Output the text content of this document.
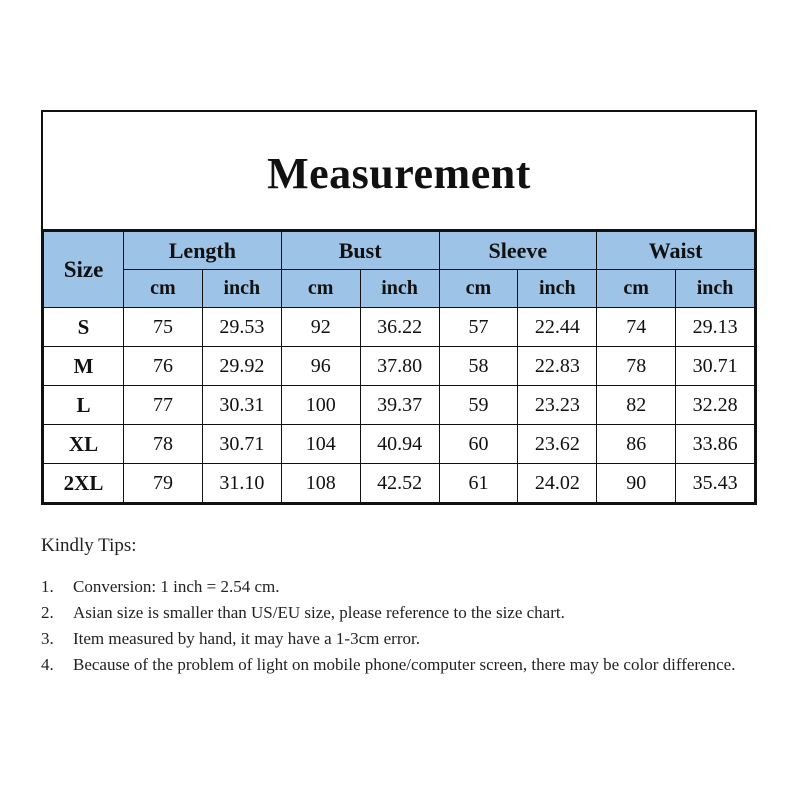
Measurement
Size	Length		Bust		Sleeve		Waist	
	cm	inch	cm	inch	cm	inch	cm	inch
S	75	29.53	92	36.22	57	22.44	74	29.13
M	76	29.92	96	37.80	58	22.83	78	30.71
L	77	30.31	100	39.37	59	23.23	82	32.28
XL	78	30.71	104	40.94	60	23.62	86	33.86
2XL	79	31.10	108	42.52	61	24.02	90	35.43
Kindly Tips:
1.	Conversion: 1 inch = 2.54 cm.
2.	Asian size is smaller than US/EU size, please reference to the size chart.
3.	Item measured by hand, it may have a 1-3cm error.
4.	Because of the problem of light on mobile phone/computer screen, there may be color difference.
